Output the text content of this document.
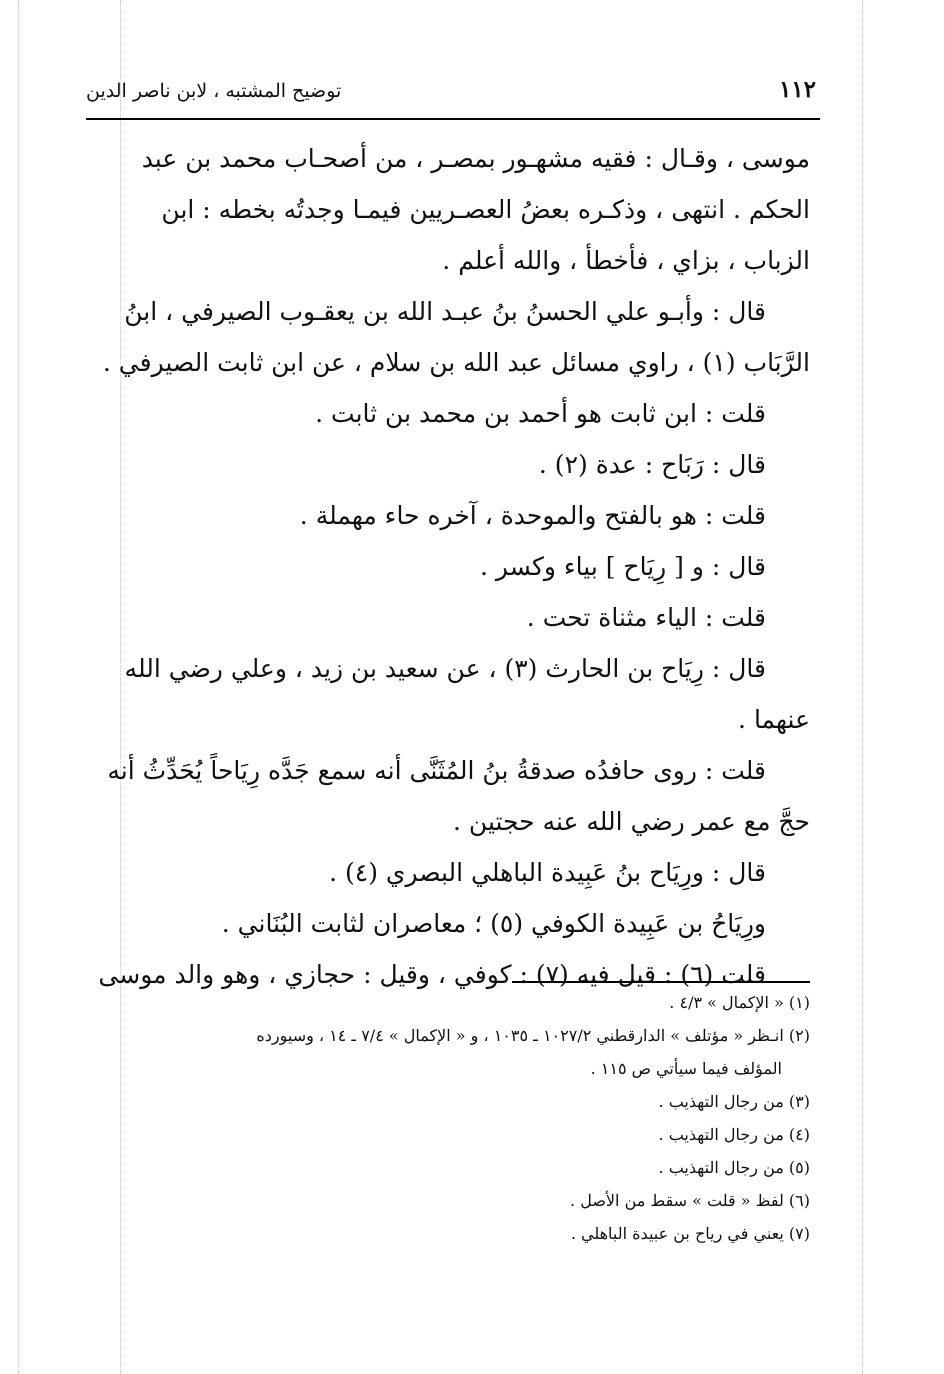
١١٢
توضيح المشتبه ، لابن ناصر الدين
موسى ، وقـال : فقيه مشهـور بمصـر ، من أصحـاب محمد بن عبد
الحكم . انتهى ، وذكـره بعضُ العصـريين فيمـا وجدتُه بخطه : ابن
الزباب ، بزاي ، فأخطأ ، والله أعلم .
قال : وأبـو علي الحسنُ بنُ عبـد الله بن يعقـوب الصيرفي ، ابنُ
الرَّبَاب (١) ، راوي مسائل عبد الله بن سلام ، عن ابن ثابت الصيرفي .
قلت : ابن ثابت هو أحمد بن محمد بن ثابت .
قال : رَبَاح : عدة (٢) .
قلت : هو بالفتح والموحدة ، آخره حاء مهملة .
قال : و [ رِيَاح ] بياء وكسر .
قلت : الياء مثناة تحت .
قال : رِيَاح بن الحارث (٣) ، عن سعيد بن زيد ، وعلي رضي الله
عنهما .
قلت : روى حافدُه صدقةُ بنُ المُثَنَّى أنه سمع جَدَّه رِيَاحاً يُحَدِّثُ أنه
حجَّ مع عمر رضي الله عنه حجتين .
قال : ورِيَاح بنُ عَبِيدة الباهلي البصري (٤) .
ورِيَاحُ بن عَبِيدة الكوفي (٥) ؛ معاصران لثابت البُنَاني .
قلت (٦) : قيل فيه (٧) : كوفي ، وقيل : حجازي ، وهو والد موسى
(١) « الإكمال » ٤/٣ .
(٢) انـظر « مؤتلف » الدارقطني ١٠٢٧/٢ ـ ١٠٣٥ ، و « الإكمال » ٧/٤ ـ ١٤ ، وسيورده
المؤلف فيما سيأتي ص ١١٥ .
(٣) من رجال التهذيب .
(٤) من رجال التهذيب .
(٥) من رجال التهذيب .
(٦) لفظ « قلت » سقط من الأصل .
(٧) يعني في رياح بن عبيدة الباهلي .
